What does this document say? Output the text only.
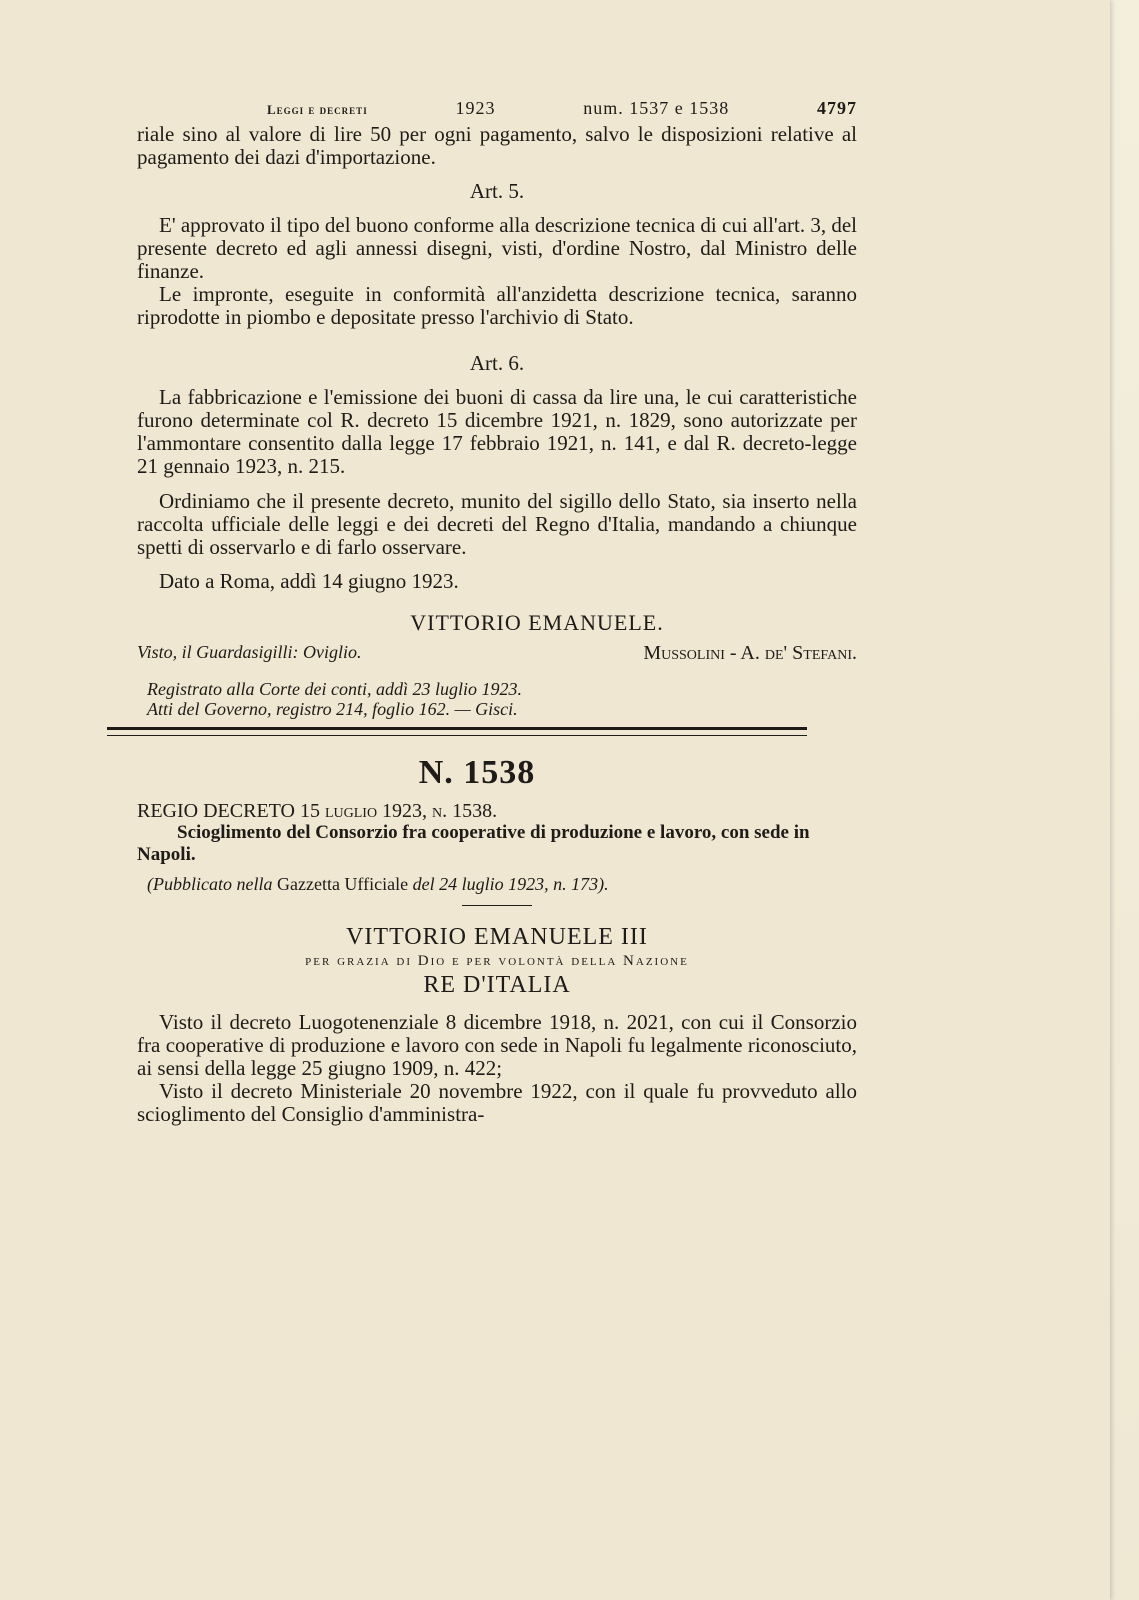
Leggi e decreti	1923	num. 1537 e 1538	4797

riale sino al valore di lire 50 per ogni pagamento, salvo le disposizioni relative al pagamento dei dazi d'importazione.

Art. 5.

E' approvato il tipo del buono conforme alla descrizione tecnica di cui all'art. 3, del presente decreto ed agli annessi disegni, visti, d'ordine Nostro, dal Ministro delle finanze.

Le impronte, eseguite in conformità all'anzidetta descrizione tecnica, saranno riprodotte in piombo e depositate presso l'archivio di Stato.

Art. 6.

La fabbricazione e l'emissione dei buoni di cassa da lire una, le cui caratteristiche furono determinate col R. decreto 15 dicembre 1921, n. 1829, sono autorizzate per l'ammontare consentito dalla legge 17 febbraio 1921, n. 141, e dal R. decreto-legge 21 gennaio 1923, n. 215.

Ordiniamo che il presente decreto, munito del sigillo dello Stato, sia inserto nella raccolta ufficiale delle leggi e dei decreti del Regno d'Italia, mandando a chiunque spetti di osservarlo e di farlo osservare.

Dato a Roma, addì 14 giugno 1923.
VITTORIO EMANUELE.
Visto, il Guardasigilli: Oviglio.	Mussolini - A. de' Stefani.
Registrato alla Corte dei conti, addì 23 luglio 1923.
Atti del Governo, registro 214, foglio 162. — Gisci.
N. 1538
REGIO DECRETO 15 luglio 1923, n. 1538.
Scioglimento del Consorzio fra cooperative di produzione e lavoro, con sede in Napoli.
(Pubblicato nella Gazzetta Ufficiale del 24 luglio 1923, n. 173).
VITTORIO EMANUELE III
per grazia di Dio e per volontà della Nazione
RE D'ITALIA

Visto il decreto Luogotenenziale 8 dicembre 1918, n. 2021, con cui il Consorzio fra cooperative di produzione e lavoro con sede in Napoli fu legalmente riconosciuto, ai sensi della legge 25 giugno 1909, n. 422;

Visto il decreto Ministeriale 20 novembre 1922, con il quale fu provveduto allo scioglimento del Consiglio d'amministra-
